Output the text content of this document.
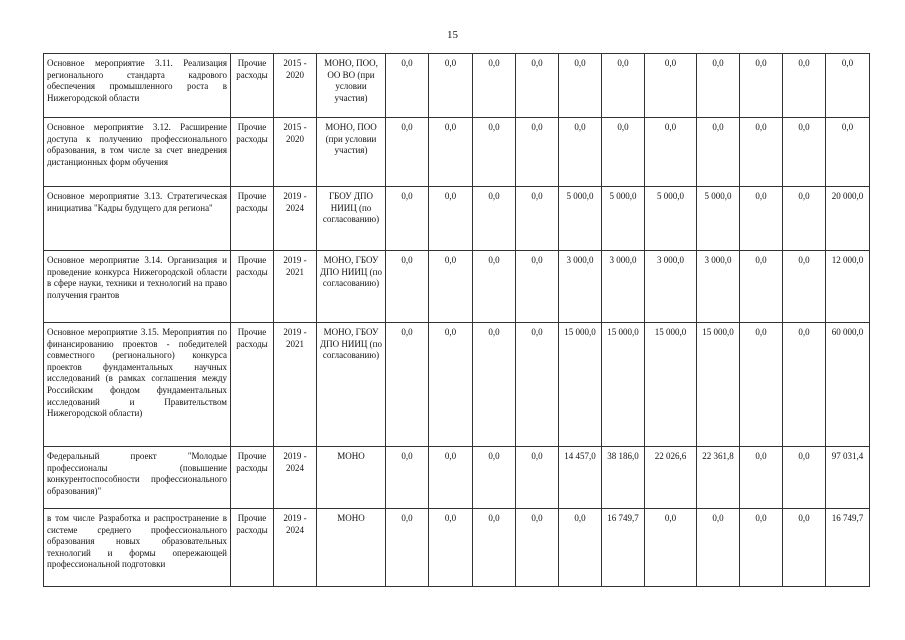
15
Основное мероприятие 3.11. Реализация регионального стандарта кадрового обеспечения промышленного роста в Нижегородской области	Прочие расходы	2015 - 2020	МОНО, ПОО, ОО ВО (при условии участия)	0,0	0,0	0,0	0,0	0,0	0,0	0,0	0,0	0,0	0,0	0,0
Основное мероприятие 3.12. Расширение доступа к получению профессионального образования, в том числе за счет внедрения дистанционных форм обучения	Прочие расходы	2015 - 2020	МОНО, ПОО (при условии участия)	0,0	0,0	0,0	0,0	0,0	0,0	0,0	0,0	0,0	0,0	0,0
Основное мероприятие 3.13. Стратегическая инициатива "Кадры будущего для региона"	Прочие расходы	2019 - 2024	ГБОУ ДПО НИИЦ (по согласованию)	0,0	0,0	0,0	0,0	5 000,0	5 000,0	5 000,0	5 000,0	0,0	0,0	20 000,0
Основное мероприятие 3.14. Организация и проведение конкурса Нижегородской области в сфере науки, техники и технологий на право получения грантов	Прочие расходы	2019 - 2021	МОНО, ГБОУ ДПО НИИЦ (по согласованию)	0,0	0,0	0,0	0,0	3 000,0	3 000,0	3 000,0	3 000,0	0,0	0,0	12 000,0
Основное мероприятие 3.15. Мероприятия по финансированию проектов - победителей совместного (регионального) конкурса проектов фундаментальных научных исследований (в рамках соглашения между Российским фондом фундаментальных исследований и Правительством Нижегородской области)	Прочие расходы	2019 - 2021	МОНО, ГБОУ ДПО НИИЦ (по согласованию)	0,0	0,0	0,0	0,0	15 000,0	15 000,0	15 000,0	15 000,0	0,0	0,0	60 000,0
Федеральный проект "Молодые профессионалы (повышение конкурентоспособности профессионального образования)"	Прочие расходы	2019 - 2024	МОНО	0,0	0,0	0,0	0,0	14 457,0	38 186,0	22 026,6	22 361,8	0,0	0,0	97 031,4
в том числе Разработка и распространение в системе среднего профессионального образования новых образовательных технологий и формы опережающей профессиональной подготовки	Прочие расходы	2019 - 2024	МОНО	0,0	0,0	0,0	0,0	0,0	16 749,7	0,0	0,0	0,0	0,0	16 749,7
